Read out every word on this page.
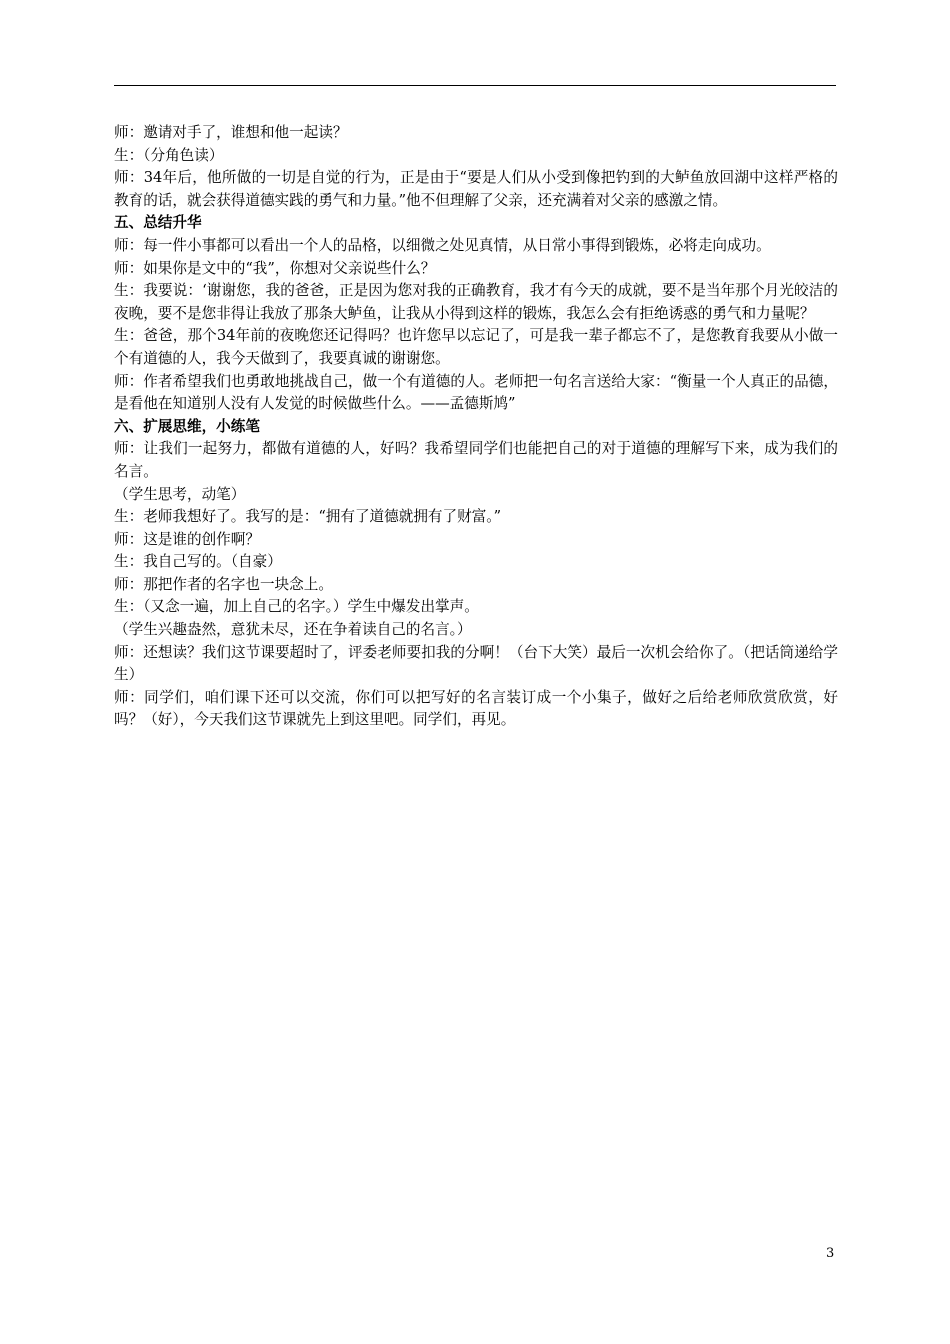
师：邀请对手了，谁想和他一起读？

生：（分角色读）

师：34年后，他所做的一切是自觉的行为，正是由于“要是人们从小受到像把钓到的大鲈鱼放回湖中这样严格的教育的话，就会获得道德实践的勇气和力量。”他不但理解了父亲，还充满着对父亲的感激之情。

五、总结升华

师：每一件小事都可以看出一个人的品格，以细微之处见真情，从日常小事得到锻炼，必将走向成功。

师：如果你是文中的“我”，你想对父亲说些什么？

生：我要说：‘谢谢您，我的爸爸，正是因为您对我的正确教育，我才有今天的成就，要不是当年那个月光皎洁的夜晚，要不是您非得让我放了那条大鲈鱼，让我从小得到这样的锻炼，我怎么会有拒绝诱惑的勇气和力量呢？

生：爸爸，那个34年前的夜晚您还记得吗？也许您早以忘记了，可是我一辈子都忘不了，是您教育我要从小做一个有道德的人，我今天做到了，我要真诚的谢谢您。

师：作者希望我们也勇敢地挑战自己，做一个有道德的人。老师把一句名言送给大家：“衡量一个人真正的品德，是看他在知道别人没有人发觉的时候做些什么。——孟德斯鸠”

六、扩展思维，小练笔

师：让我们一起努力，都做有道德的人，好吗？我希望同学们也能把自己的对于道德的理解写下来，成为我们的名言。

（学生思考，动笔）

生：老师我想好了。我写的是：“拥有了道德就拥有了财富。”

师：这是谁的创作啊？

生：我自己写的。（自豪）

师：那把作者的名字也一块念上。

生：（又念一遍，加上自己的名字。）学生中爆发出掌声。

（学生兴趣盎然，意犹未尽，还在争着读自己的名言。）

师：还想读？我们这节课要超时了，评委老师要扣我的分啊！（台下大笑）最后一次机会给你了。（把话筒递给学生）

师：同学们，咱们课下还可以交流，你们可以把写好的名言装订成一个小集子，做好之后给老师欣赏欣赏，好吗？（好），今天我们这节课就先上到这里吧。同学们，再见。

3
